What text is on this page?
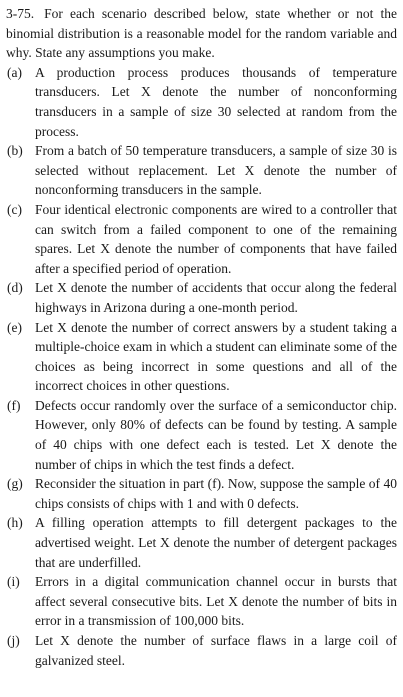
3-75. For each scenario described below, state whether or not the binomial distribution is a reasonable model for the random variable and why. State any assumptions you make.

(a) A production process produces thousands of temperature transducers. Let X denote the number of nonconforming transducers in a sample of size 30 selected at random from the process.
(b) From a batch of 50 temperature transducers, a sample of size 30 is selected without replacement. Let X denote the number of nonconforming transducers in the sample.
(c) Four identical electronic components are wired to a controller that can switch from a failed component to one of the remaining spares. Let X denote the number of components that have failed after a specified period of operation.
(d) Let X denote the number of accidents that occur along the federal highways in Arizona during a one-month period.
(e) Let X denote the number of correct answers by a student taking a multiple-choice exam in which a student can eliminate some of the choices as being incorrect in some questions and all of the incorrect choices in other questions.
(f) Defects occur randomly over the surface of a semiconductor chip. However, only 80% of defects can be found by testing. A sample of 40 chips with one defect each is tested. Let X denote the number of chips in which the test finds a defect.
(g) Reconsider the situation in part (f). Now, suppose the sample of 40 chips consists of chips with 1 and with 0 defects.
(h) A filling operation attempts to fill detergent packages to the advertised weight. Let X denote the number of detergent packages that are underfilled.
(i) Errors in a digital communication channel occur in bursts that affect several consecutive bits. Let X denote the number of bits in error in a transmission of 100,000 bits.
(j) Let X denote the number of surface flaws in a large coil of galvanized steel.
